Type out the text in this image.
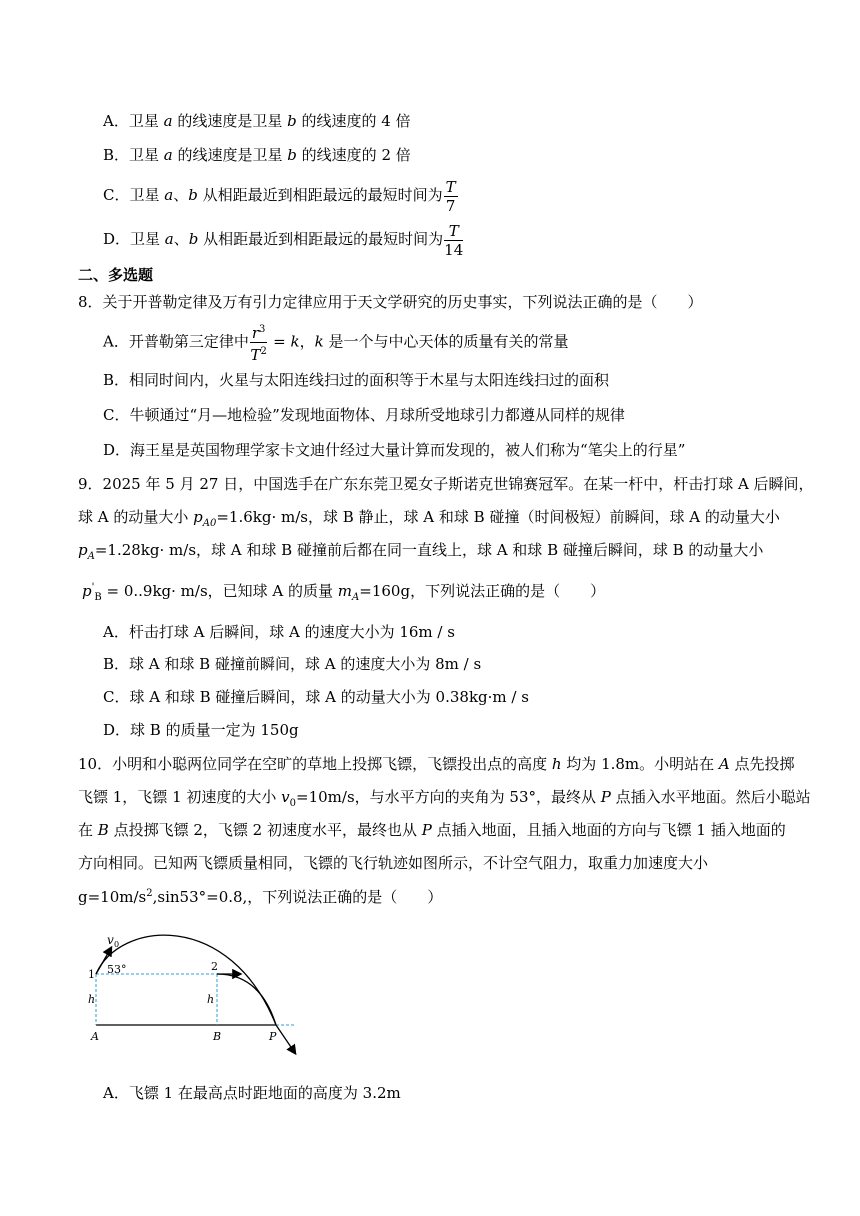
A．卫星 a 的线速度是卫星 b 的线速度的 4 倍
B．卫星 a 的线速度是卫星 b 的线速度的 2 倍
C．卫星 a、b 从相距最近到相距最远的最短时间为 $\frac{T}{7}$
D．卫星 a、b 从相距最近到相距最远的最短时间为 $\frac{T}{14}$
二、多选题
8．关于开普勒定律及万有引力定律应用于天文学研究的历史事实，下列说法正确的是（　　）
A．开普勒第三定律中 $\frac{r^3}{T^2} = k$，k 是一个与中心天体的质量有关的常量
B．相同时间内，火星与太阳连线扫过的面积等于木星与太阳连线扫过的面积
C．牛顿通过“月—地检验”发现地面物体、月球所受地球引力都遵从同样的规律
D．海王星是英国物理学家卡文迪什经过大量计算而发现的，被人们称为“笔尖上的行星”
9．2025 年 5 月 27 日，中国选手在广东东莞卫冕女子斯诺克世锦赛冠军。在某一杆中，杆击打球 A 后瞬间，
球 A 的动量大小 $p_{A0}=1.6kg\cdot m/s$，球 B 静止，球 A 和球 B 碰撞（时间极短）前瞬间，球 A 的动量大小
$p_A=1.28kg\cdot m/s$，球 A 和球 B 碰撞前后都在同一直线上，球 A 和球 B 碰撞后瞬间，球 B 的动量大小
$p'_B = 0..9kg\cdot m/s$，已知球 A 的质量 $m_A=160g$，下列说法正确的是（　　）
A．杆击打球 A 后瞬间，球 A 的速度大小为 16m / s
B．球 A 和球 B 碰撞前瞬间，球 A 的速度大小为 8m / s
C．球 A 和球 B 碰撞后瞬间，球 A 的动量大小为 0.38kg·m / s
D．球 B 的质量一定为 150g
10．小明和小聪两位同学在空旷的草地上投掷飞镖，飞镖投出点的高度 h 均为 1.8m。小明站在 A 点先投掷
飞镖 1，飞镖 1 初速度的大小 $v_0=10m/s$，与水平方向的夹角为 53°，最终从 P 点插入水平地面。然后小聪站
在 B 点投掷飞镖 2，飞镖 2 初速度水平，最终也从 P 点插入地面，且插入地面的方向与飞镖 1 插入地面的
方向相同。已知两飞镖质量相同，飞镖的飞行轨迹如图所示，不计空气阻力，取重力加速度大小
$g=10m/s^2,\sin 53^\circ=0.8$,，下列说法正确的是（　　）
v 0
1 53°	2
h	h
A	B	P
A．飞镖 1 在最高点时距地面的高度为 3.2m
